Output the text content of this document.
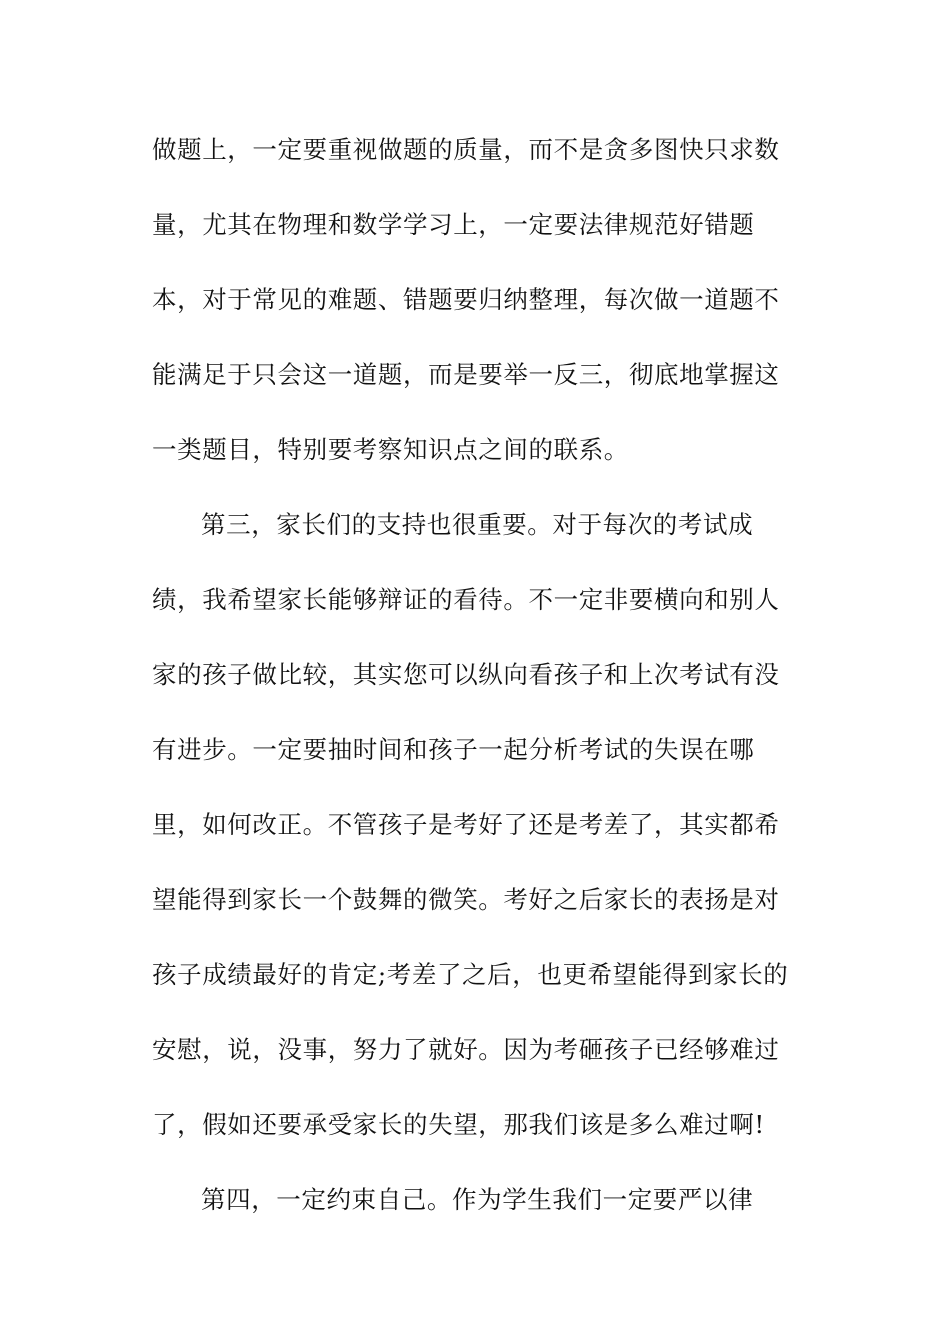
做题上，一定要重视做题的质量，而不是贪多图快只求数
量，尤其在物理和数学学习上，一定要法律规范好错题
本，对于常见的难题、错题要归纳整理，每次做一道题不
能满足于只会这一道题，而是要举一反三，彻底地掌握这
一类题目，特别要考察知识点之间的联系。
第三，家长们的支持也很重要。对于每次的考试成
绩，我希望家长能够辩证的看待。不一定非要横向和别人
家的孩子做比较，其实您可以纵向看孩子和上次考试有没
有进步。一定要抽时间和孩子一起分析考试的失误在哪
里，如何改正。不管孩子是考好了还是考差了，其实都希
望能得到家长一个鼓舞的微笑。考好之后家长的表扬是对
孩子成绩最好的肯定;考差了之后，也更希望能得到家长的
安慰，说，没事，努力了就好。因为考砸孩子已经够难过
了，假如还要承受家长的失望，那我们该是多么难过啊!
第四，一定约束自己。作为学生我们一定要严以律
